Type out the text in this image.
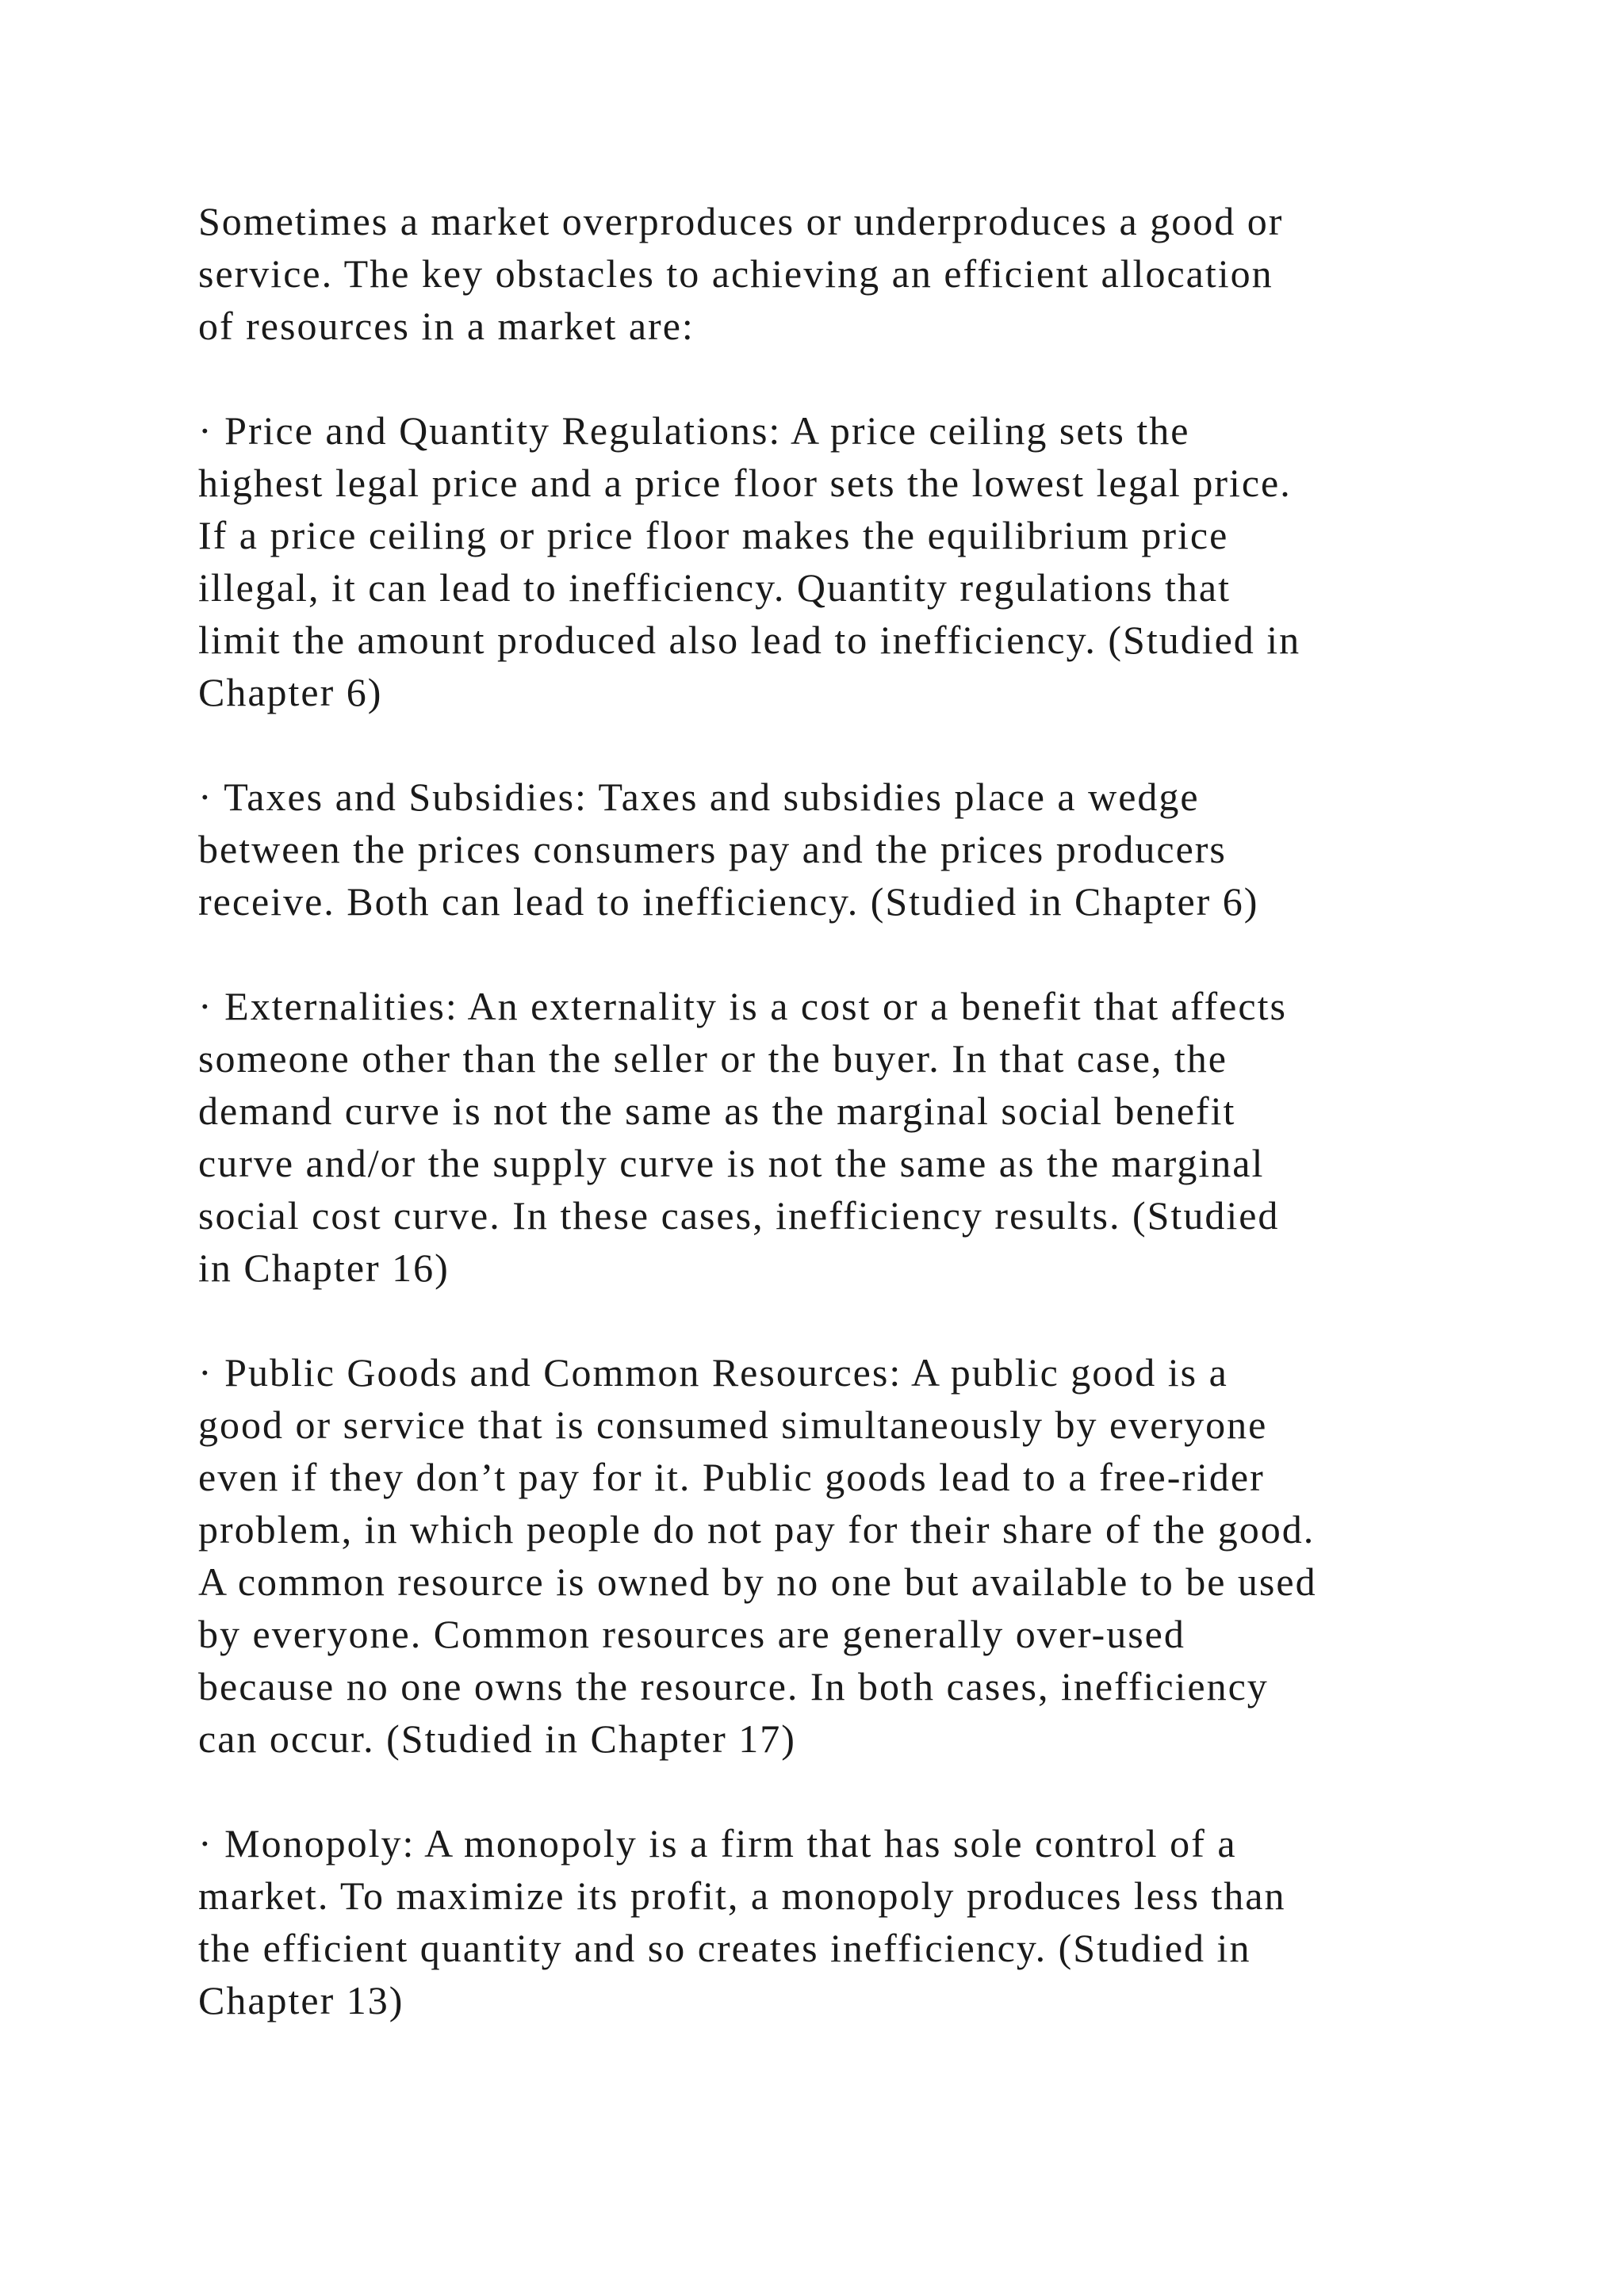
Sometimes a market overproduces or underproduces a good or
service. The key obstacles to achieving an efficient allocation
of resources in a market are:

· Price and Quantity Regulations: A price ceiling sets the
highest legal price and a price floor sets the lowest legal price.
If a price ceiling or price floor makes the equilibrium price
illegal, it can lead to inefficiency. Quantity regulations that
limit the amount produced also lead to inefficiency. (Studied in
Chapter 6)

· Taxes and Subsidies: Taxes and subsidies place a wedge
between the prices consumers pay and the prices producers
receive. Both can lead to inefficiency. (Studied in Chapter 6)

· Externalities: An externality is a cost or a benefit that affects
someone other than the seller or the buyer. In that case, the
demand curve is not the same as the marginal social benefit
curve and/or the supply curve is not the same as the marginal
social cost curve. In these cases, inefficiency results. (Studied
in Chapter 16)

· Public Goods and Common Resources: A public good is a
good or service that is consumed simultaneously by everyone
even if they don’t pay for it. Public goods lead to a free-rider
problem, in which people do not pay for their share of the good.
A common resource is owned by no one but available to be used
by everyone. Common resources are generally over-used
because no one owns the resource. In both cases, inefficiency
can occur. (Studied in Chapter 17)

· Monopoly: A monopoly is a firm that has sole control of a
market. To maximize its profit, a monopoly produces less than
the efficient quantity and so creates inefficiency. (Studied in
Chapter 13)
